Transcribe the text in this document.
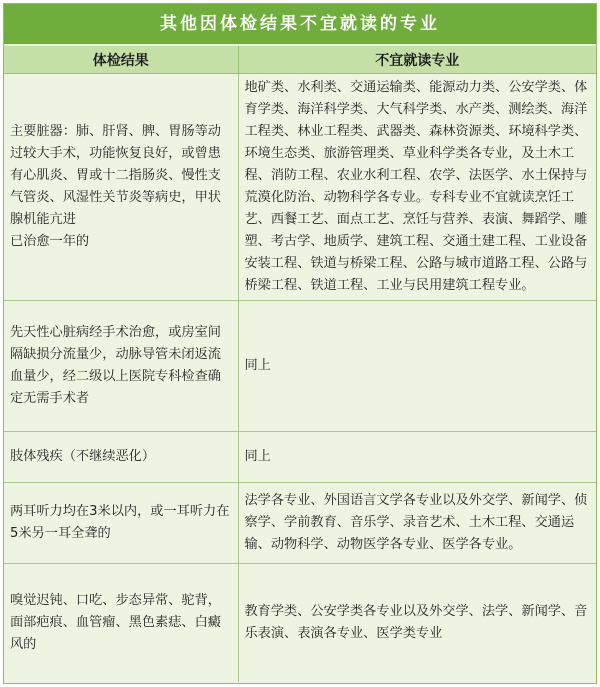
其他因体检结果不宜就读的专业
体检结果	不宜就读专业

主要脏器：肺、肝肾、脾、胃肠等动过较大手术，功能恢复良好，或曾患有心肌炎、胃或十二指肠炎、慢性支气管炎、风湿性关节炎等病史，甲状腺机能亢进
已治愈一年的	地矿类、水利类、交通运输类、能源动力类、公安学类、体育学类、海洋科学类、大气科学类、水产类、测绘类、海洋工程类、林业工程类、武器类、森林资源类、环境科学类、环境生态类、旅游管理类、草业科学类各专业，及土木工程、消防工程、农业水利工程、农学、法医学、水土保持与荒漠化防治、动物科学各专业。专科专业不宜就读烹饪工艺、西餐工艺、面点工艺、烹饪与营养、表演、舞蹈学、雕塑、考古学、地质学、建筑工程、交通土建工程、工业设备安装工程、铁道与桥梁工程、公路与城市道路工程、公路与桥梁工程、铁道工程、工业与民用建筑工程专业。

先天性心脏病经手术治愈，或房室间隔缺损分流量少，动脉导管未闭返流血量少，经二级以上医院专科检查确定无需手术者	同上

肢体残疾（不继续恶化）	同上

两耳听力均在3米以内，或一耳听力在5米另一耳全聋的	法学各专业、外国语言文学各专业以及外交学、新闻学、侦察学、学前教育、音乐学、录音艺术、土木工程、交通运输、动物科学、动物医学各专业、医学各专业。

嗅觉迟钝、口吃、步态异常、驼背，面部疤痕、血管瘤、黑色素痣、白癜风的	教育学类、公安学类各专业以及外交学、法学、新闻学、音乐表演、表演各专业、医学类专业
